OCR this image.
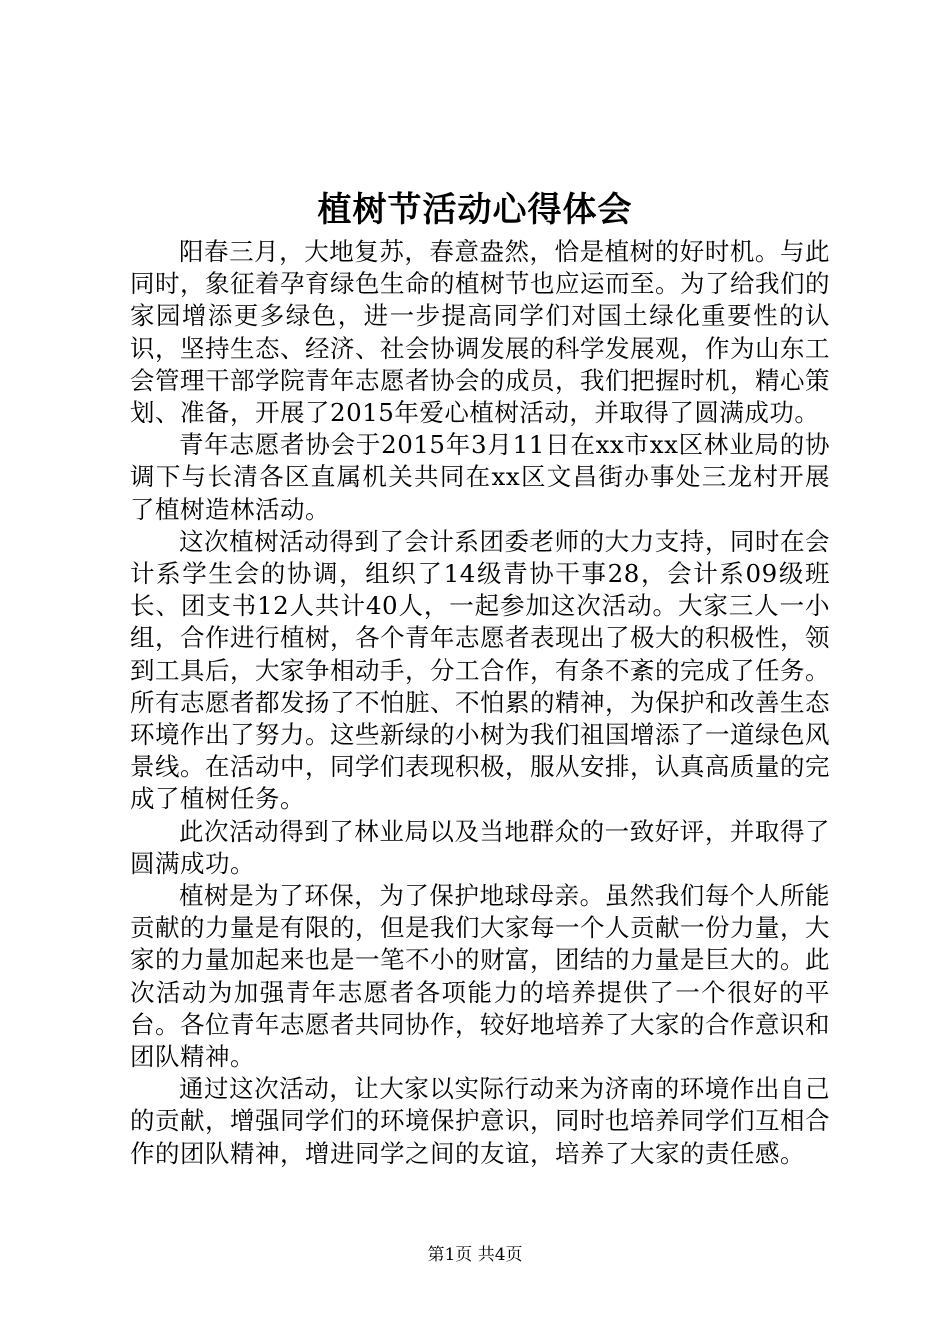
植树节活动心得体会

阳春三月，大地复苏，春意盎然，恰是植树的好时机。与此同时，象征着孕育绿色生命的植树节也应运而至。为了给我们的家园增添更多绿色，进一步提高同学们对国土绿化重要性的认识，坚持生态、经济、社会协调发展的科学发展观，作为山东工会管理干部学院青年志愿者协会的成员，我们把握时机，精心策划、准备，开展了2015年爱心植树活动，并取得了圆满成功。

青年志愿者协会于2015年3月11日在xx市xx区林业局的协调下与长清各区直属机关共同在xx区文昌街办事处三龙村开展了植树造林活动。

这次植树活动得到了会计系团委老师的大力支持，同时在会计系学生会的协调，组织了14级青协干事28，会计系09级班长、团支书12人共计40人，一起参加这次活动。大家三人一小组，合作进行植树，各个青年志愿者表现出了极大的积极性，领到工具后，大家争相动手，分工合作，有条不紊的完成了任务。所有志愿者都发扬了不怕脏、不怕累的精神，为保护和改善生态环境作出了努力。这些新绿的小树为我们祖国增添了一道绿色风景线。在活动中，同学们表现积极，服从安排，认真高质量的完成了植树任务。

此次活动得到了林业局以及当地群众的一致好评，并取得了圆满成功。

植树是为了环保，为了保护地球母亲。虽然我们每个人所能贡献的力量是有限的，但是我们大家每一个人贡献一份力量，大家的力量加起来也是一笔不小的财富，团结的力量是巨大的。此次活动为加强青年志愿者各项能力的培养提供了一个很好的平台。各位青年志愿者共同协作，较好地培养了大家的合作意识和团队精神。

通过这次活动，让大家以实际行动来为济南的环境作出自己的贡献，增强同学们的环境保护意识，同时也培养同学们互相合作的团队精神，增进同学之间的友谊，培养了大家的责任感。

第1页 共4页
